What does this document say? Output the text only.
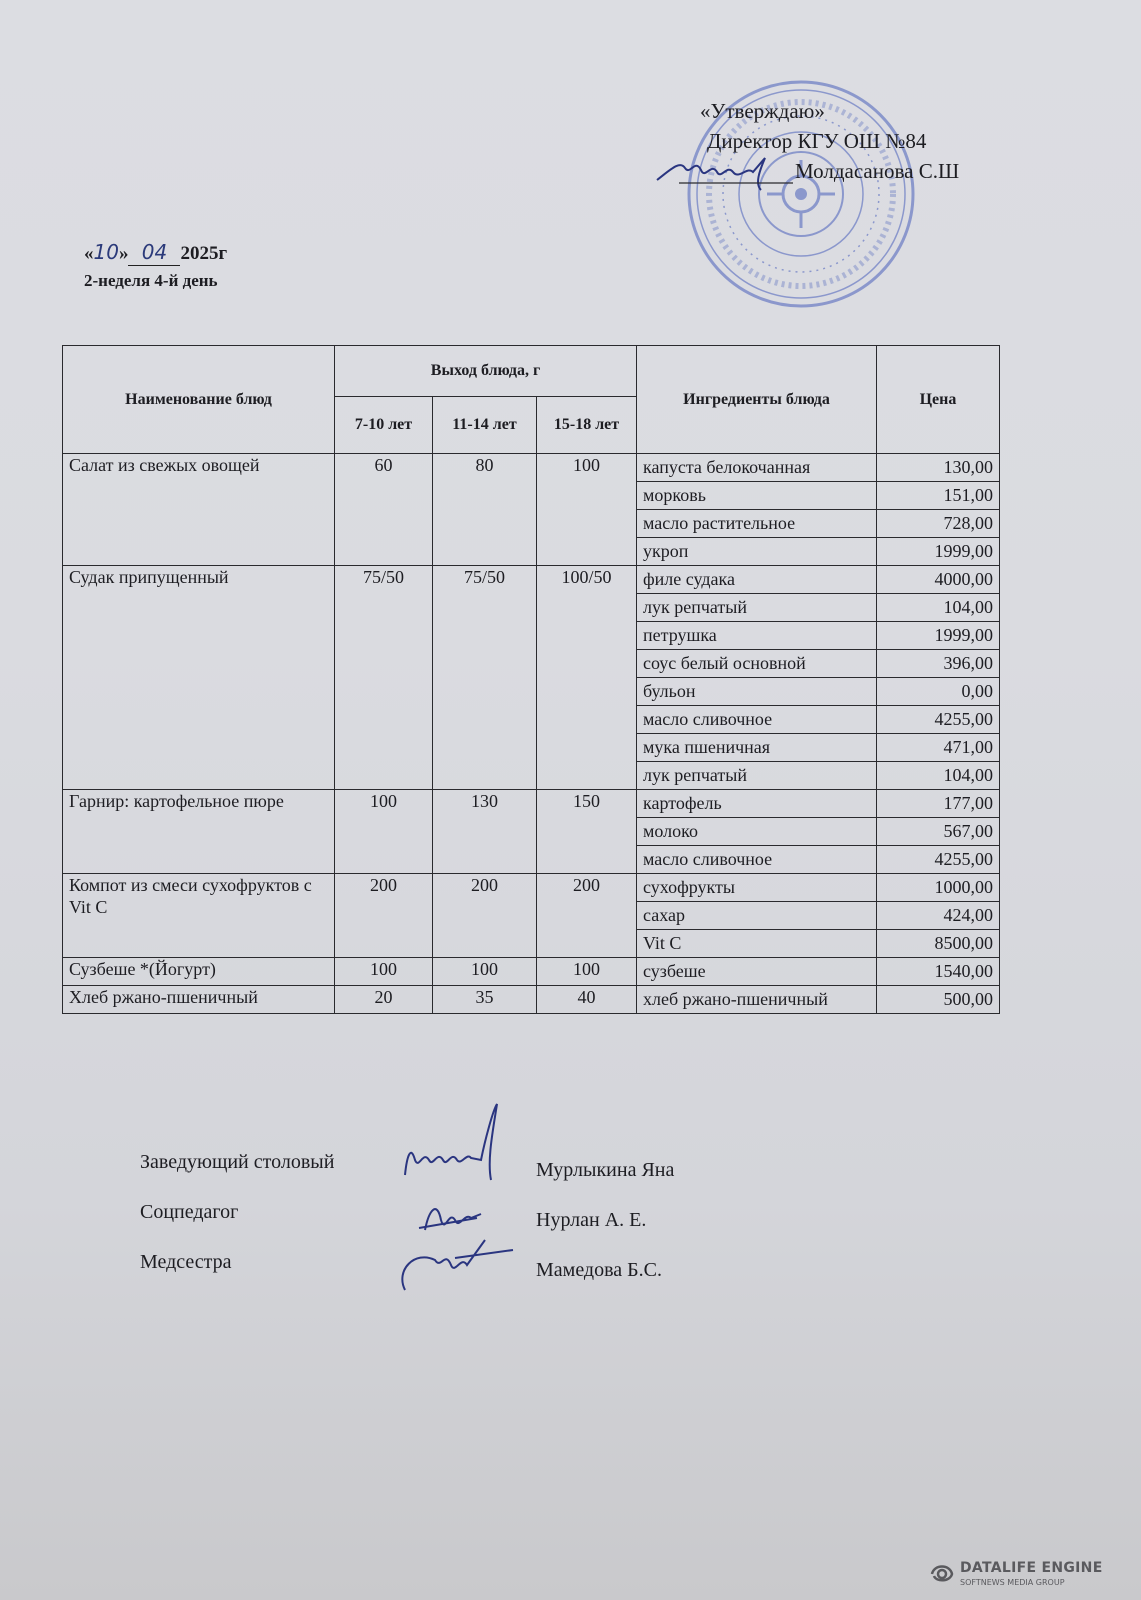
«Утверждаю»
Директор КГУ ОШ №84
Молдасанова С.Ш
«10» 04 2025г
2-неделя 4-й день
Наименование блюд	Выход блюда, г			Ингредиенты блюда	Цена
	7-10 лет	11-14 лет	15-18 лет		
Салат из свежых овощей	60	80	100	капуста белокочанная	130,00
				морковь	151,00
				масло растительное	728,00
				укроп	1999,00
Судак припущенный	75/50	75/50	100/50	филе судака	4000,00
				лук репчатый	104,00
				петрушка	1999,00
				соус белый основной	396,00
				бульон	0,00
				масло сливочное	4255,00
				мука пшеничная	471,00
				лук репчатый	104,00
Гарнир: картофельное пюре	100	130	150	картофель	177,00
				молоко	567,00
				масло сливочное	4255,00
Компот из смеси сухофруктов с Vit C	200	200	200	сухофрукты	1000,00
				сахар	424,00
				Vit C	8500,00
Сузбеше *(Йогурт)	100	100	100	сузбеше	1540,00
Хлеб ржано-пшеничный	20	35	40	хлеб ржано-пшеничный	500,00
Заведующий столовый	Мурлыкина Яна
Соцпедагог	Нурлан А. Е.
Медсестра	Мамедова Б.С.
DATALIFE ENGINE
SOFTNEWS MEDIA GROUP
